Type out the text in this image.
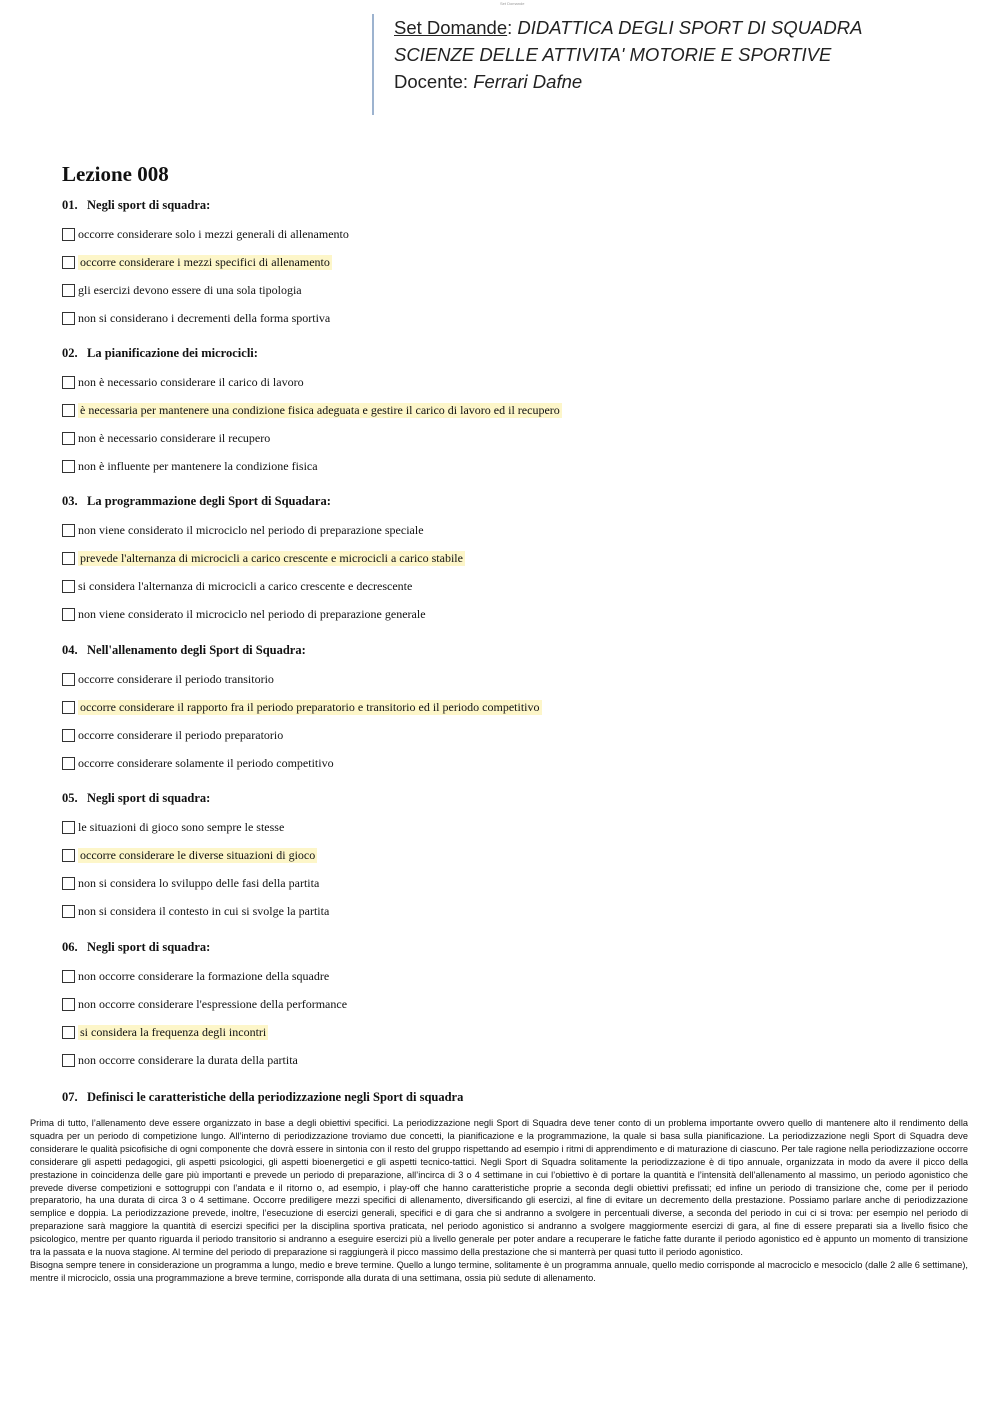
Set Domande
Set Domande: DIDATTICA DEGLI SPORT DI SQUADRA
SCIENZE DELLE ATTIVITA' MOTORIE E SPORTIVE
Docente: Ferrari Dafne
Lezione 008
01. Negli sport di squadra:
occorre considerare solo i mezzi generali di allenamento
occorre considerare i mezzi specifici di allenamento
gli esercizi devono essere di una sola tipologia
non si considerano i decrementi della forma sportiva
02. La pianificazione dei microcicli:
non è necessario considerare il carico di lavoro
è necessaria per mantenere una condizione fisica adeguata e gestire il carico di lavoro ed il recupero
non è necessario considerare il recupero
non è influente per mantenere la condizione fisica
03. La programmazione degli Sport di Squadara:
non viene considerato il microciclo nel periodo di preparazione speciale
prevede l'alternanza di microcicli a carico crescente e microcicli a carico stabile
si considera l'alternanza di microcicli a carico crescente e decrescente
non viene considerato il microciclo nel periodo di preparazione generale
04. Nell'allenamento degli Sport di Squadra:
occorre considerare il periodo transitorio
occorre considerare il rapporto fra il periodo preparatorio e transitorio ed il periodo competitivo
occorre considerare il periodo preparatorio
occorre considerare solamente il periodo competitivo
05. Negli sport di squadra:
le situazioni di gioco sono sempre le stesse
occorre considerare le diverse situazioni di gioco
non si considera lo sviluppo delle fasi della partita
non si considera il contesto in cui si svolge la partita
06. Negli sport di squadra:
non occorre considerare la formazione della squadre
non occorre considerare l'espressione della performance
si considera la frequenza degli incontri
non occorre considerare la durata della partita
07. Definisci le caratteristiche della periodizzazione negli Sport di squadra

Prima di tutto, l’allenamento deve essere organizzato in base a degli obiettivi specifici. La periodizzazione negli Sport di Squadra deve tener conto di un problema importante ovvero quello di mantenere alto il rendimento della squadra per un periodo di competizione lungo. All’interno di periodizzazione troviamo due concetti, la pianificazione e la programmazione, la quale si basa sulla pianificazione. La periodizzazione negli Sport di Squadra deve considerare le qualità psicofisiche di ogni componente che dovrà essere in sintonia con il resto del gruppo rispettando ad esempio i ritmi di apprendimento e di maturazione di ciascuno. Per tale ragione nella periodizzazione occorre considerare gli aspetti pedagogici, gli aspetti psicologici, gli aspetti bioenergetici e gli aspetti tecnico-tattici. Negli Sport di Squadra solitamente la periodizzazione è di tipo annuale, organizzata in modo da avere il picco della prestazione in coincidenza delle gare più importanti e prevede un periodo di preparazione, all’incirca di 3 o 4 settimane in cui l’obiettivo è di portare la quantità e l’intensità dell’allenamento al massimo, un periodo agonistico che prevede diverse competizioni e sottogruppi con l’andata e il ritorno o, ad esempio, i play-off che hanno caratteristiche proprie a seconda degli obiettivi prefissati; ed infine un periodo di transizione che, come per il periodo preparatorio, ha una durata di circa 3 o 4 settimane. Occorre prediligere mezzi specifici di allenamento, diversificando gli esercizi, al fine di evitare un decremento della prestazione. Possiamo parlare anche di periodizzazione semplice e doppia. La periodizzazione prevede, inoltre, l’esecuzione di esercizi generali, specifici e di gara che si andranno a svolgere in percentuali diverse, a seconda del periodo in cui ci si trova: per esempio nel periodo di preparazione sarà maggiore la quantità di esercizi specifici per la disciplina sportiva praticata, nel periodo agonistico si andranno a svolgere maggiormente esercizi di gara, al fine di essere preparati sia a livello fisico che psicologico, mentre per quanto riguarda il periodo transitorio si andranno a eseguire esercizi più a livello generale per poter andare a recuperare le fatiche fatte durante il periodo agonistico ed è appunto un momento di transizione tra la passata e la nuova stagione. Al termine del periodo di preparazione si raggiungerà il picco massimo della prestazione che si manterrà per quasi tutto il periodo agonistico.

Bisogna sempre tenere in considerazione un programma a lungo, medio e breve termine. Quello a lungo termine, solitamente è un programma annuale, quello medio corrisponde al macrociclo e mesociclo (dalle 2 alle 6 settimane), mentre il microciclo, ossia una programmazione a breve termine, corrisponde alla durata di una settimana, ossia più sedute di allenamento.
